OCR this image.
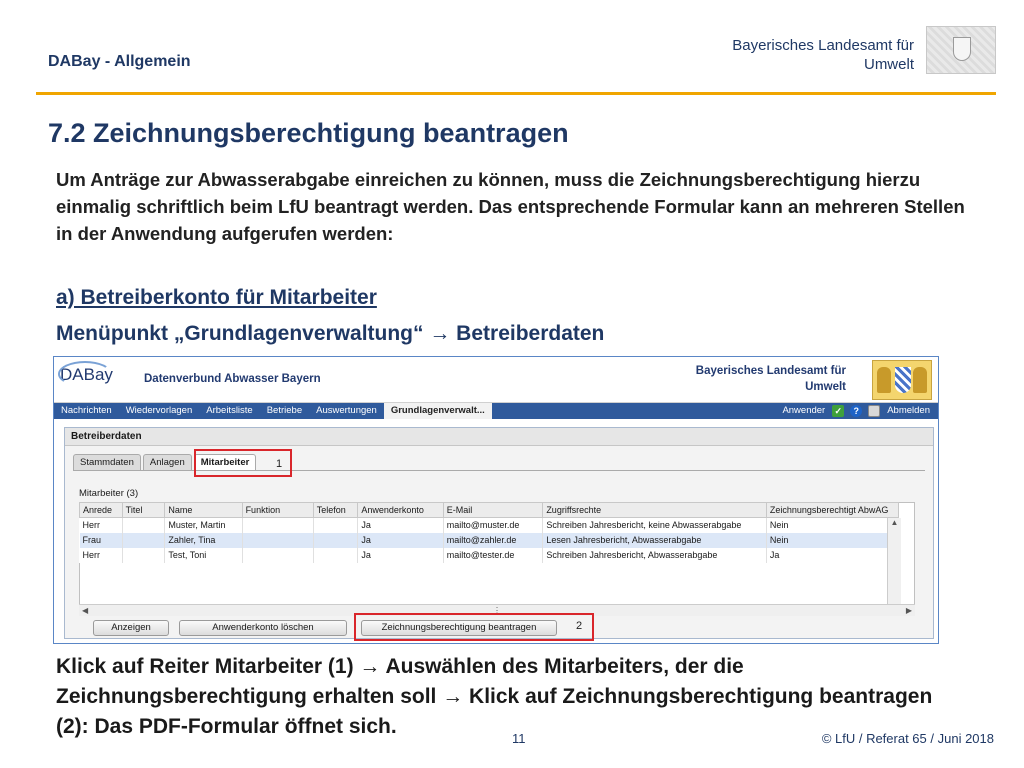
DABay - Allgemein
Bayerisches Landesamt für
Umwelt
7.2 Zeichnungsberechtigung beantragen
Um Anträge zur Abwasserabgabe einreichen zu können, muss die Zeichnungsberechtigung hierzu einmalig schriftlich beim LfU beantragt werden. Das entsprechende Formular kann an mehreren Stellen in der Anwendung aufgerufen werden:
a) Betreiberkonto für Mitarbeiter
Menüpunkt „Grundlagenverwaltung“ → Betreiberdaten
DABay	Datenverbund Abwasser Bayern
Bayerisches Landesamt für
Umwelt
Nachrichten	Wiedervorlagen	Arbeitsliste	Betriebe	Auswertungen	Grundlagenverwalt...	Anwender	✓	?	Abmelden
Betreiberdaten
Stammdaten	Anlagen	Mitarbeiter
Mitarbeiter (3)
Anrede	Titel	Name	Funktion	Telefon	Anwenderkonto	E-Mail	Zugriffsrechte	Zeichnungsberechtigt AbwAG
Herr		Muster, Martin			Ja	mailto@muster.de	Schreiben Jahresbericht, keine Abwasserabgabe	Nein
Frau		Zahler, Tina			Ja	mailto@zahler.de	Lesen Jahresbericht, Abwasserabgabe	Nein
Herr		Test, Toni			Ja	mailto@tester.de	Schreiben Jahresbericht, Abwasserabgabe	Ja
▲
◀	⋮	▶
Anzeigen	Anwenderkonto löschen	Zeichnungsberechtigung beantragen
1
2
Klick auf Reiter Mitarbeiter (1) → Auswählen des Mitarbeiters, der die Zeichnungsberechtigung erhalten soll → Klick auf Zeichnungsberechtigung beantragen (2): Das PDF-Formular öffnet sich.
11	© LfU / Referat 65 / Juni 2018
